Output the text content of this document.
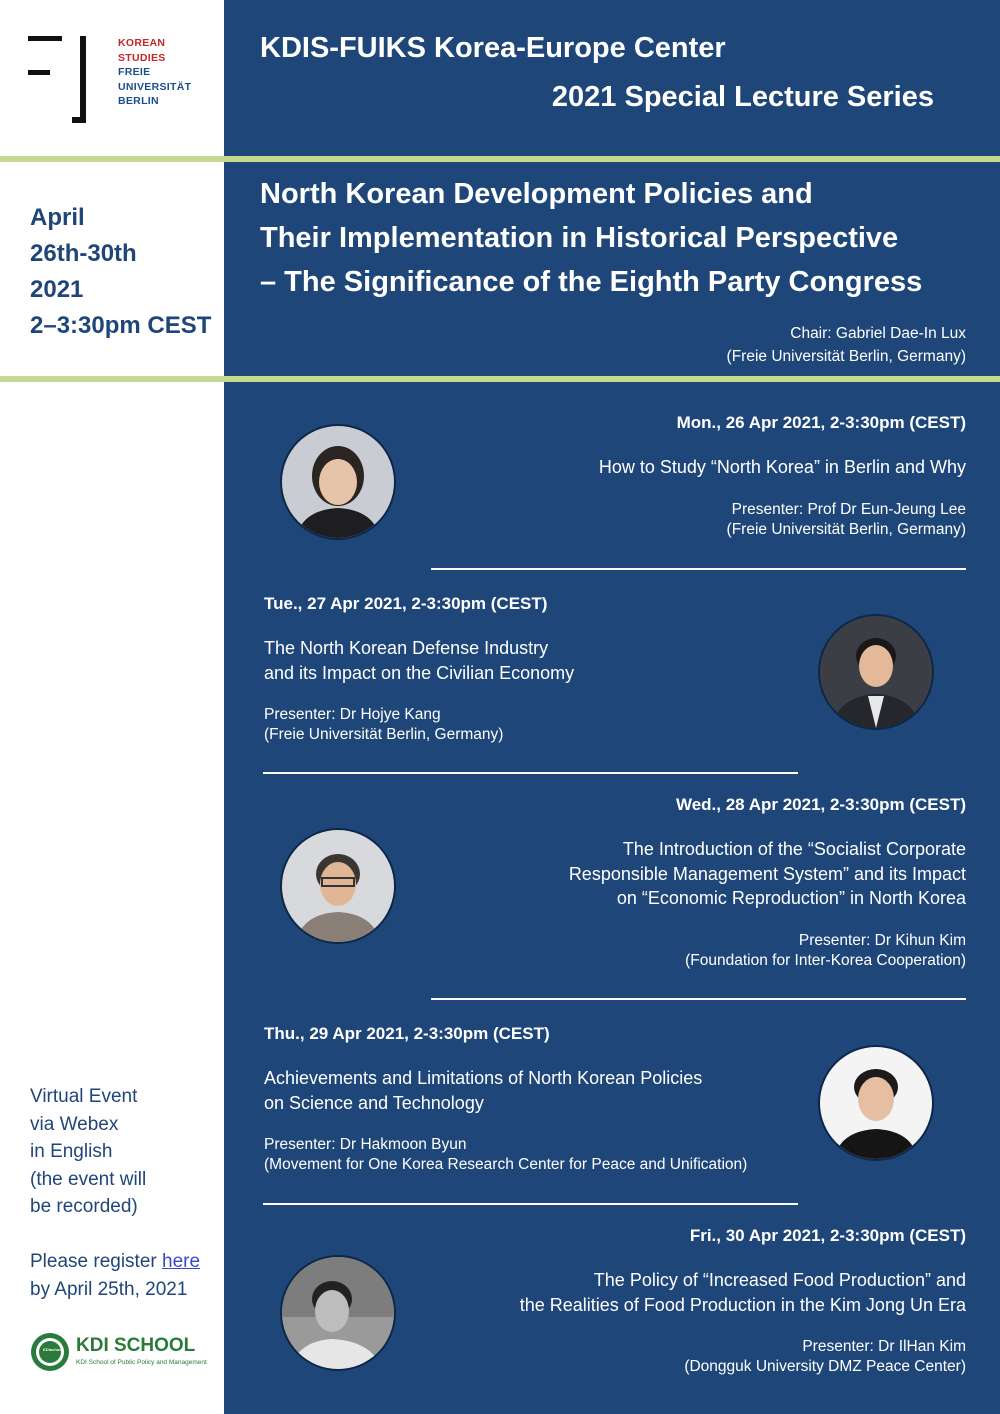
KOREAN
STUDIES
FREIE
UNIVERSITÄT
BERLIN
KDIS-FUIKS Korea-Europe Center
2021 Special Lecture Series
April
26th-30th
2021
2–3:30pm CEST
North Korean Development Policies and
Their Implementation in Historical Perspective
– The Significance of the Eighth Party Congress
Chair: Gabriel Dae-In Lux
(Freie Universität Berlin, Germany)
Mon., 26 Apr 2021, 2-3:30pm (CEST)
How to Study “North Korea” in Berlin and Why
Presenter: Prof Dr Eun-Jeung Lee
(Freie Universität Berlin, Germany)
Tue., 27 Apr 2021, 2-3:30pm (CEST)
The North Korean Defense Industry
and its Impact on the Civilian Economy
Presenter: Dr Hojye Kang
(Freie Universität Berlin, Germany)
Wed., 28 Apr 2021, 2-3:30pm (CEST)
The Introduction of the “Socialist Corporate
Responsible Management System” and its Impact
on “Economic Reproduction” in North Korea
Presenter: Dr Kihun Kim
(Foundation for Inter-Korea Cooperation)
Thu., 29 Apr 2021, 2-3:30pm (CEST)
Achievements and Limitations of North Korean Policies
on Science and Technology
Presenter: Dr Hakmoon Byun
(Movement for One Korea Research Center for Peace and Unification)
Fri., 30 Apr 2021, 2-3:30pm (CEST)
The Policy of “Increased Food Production” and
the Realities of Food Production in the Kim Jong Un Era
Presenter: Dr IlHan Kim
(Dongguk University DMZ Peace Center)
Virtual Event
via Webex
in English
(the event will
be recorded)
Please register here
by April 25th, 2021
KDIschool KDI SCHOOL
KDI School of Public Policy and Management
